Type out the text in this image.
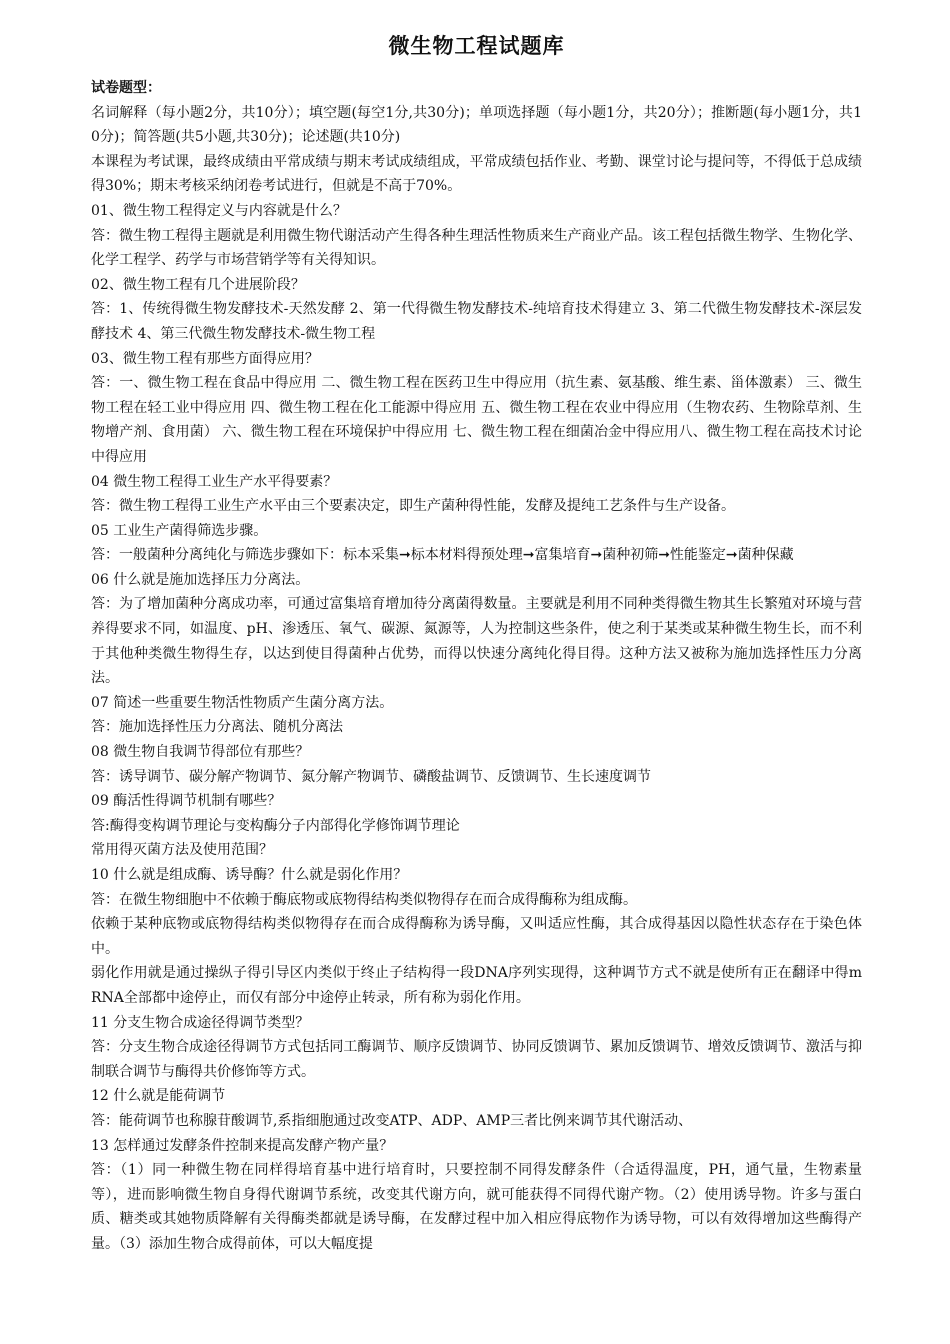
微生物工程试题库

试卷题型：

名词解释（每小题2分，共10分）；填空题(每空1分,共30分)；单项选择题（每小题1分，共20分）；推断题(每小题1分，共10分)；简答题(共5小题,共30分)；论述题(共10分)

本课程为考试课，最终成绩由平常成绩与期末考试成绩组成，平常成绩包括作业、考勤、课堂讨论与提问等，不得低于总成绩得30%；期末考核采纳闭卷考试进行，但就是不高于70%。

01、微生物工程得定义与内容就是什么？

答：微生物工程得主题就是利用微生物代谢活动产生得各种生理活性物质来生产商业产品。该工程包括微生物学、生物化学、化学工程学、药学与市场营销学等有关得知识。

02、微生物工程有几个进展阶段？

答：1、传统得微生物发酵技术-天然发酵 2、第一代得微生物发酵技术-纯培育技术得建立 3、第二代微生物发酵技术-深层发酵技术 4、第三代微生物发酵技术-微生物工程

03、微生物工程有那些方面得应用？

答：一、微生物工程在食品中得应用 二、微生物工程在医药卫生中得应用（抗生素、氨基酸、维生素、甾体激素） 三、微生物工程在轻工业中得应用 四、微生物工程在化工能源中得应用 五、微生物工程在农业中得应用（生物农药、生物除草剂、生物增产剂、食用菌） 六、微生物工程在环境保护中得应用 七、微生物工程在细菌冶金中得应用八、微生物工程在高技术讨论中得应用

04 微生物工程得工业生产水平得要素？

答：微生物工程得工业生产水平由三个要素决定，即生产菌种得性能，发酵及提纯工艺条件与生产设备。

05 工业生产菌得筛选步骤。

答：一般菌种分离纯化与筛选步骤如下：标本采集➞标本材料得预处理➞富集培育➞菌种初筛➞性能鉴定➞菌种保藏

06 什么就是施加选择压力分离法。

答：为了增加菌种分离成功率，可通过富集培育增加待分离菌得数量。主要就是利用不同种类得微生物其生长繁殖对环境与营养得要求不同，如温度、pH、渗透压、氧气、碳源、氮源等，人为控制这些条件，使之利于某类或某种微生物生长，而不利于其他种类微生物得生存，以达到使目得菌种占优势，而得以快速分离纯化得目得。这种方法又被称为施加选择性压力分离法。

07 简述一些重要生物活性物质产生菌分离方法。

答：施加选择性压力分离法、随机分离法

08 微生物自我调节得部位有那些？

答：诱导调节、碳分解产物调节、氮分解产物调节、磷酸盐调节、反馈调节、生长速度调节

09 酶活性得调节机制有哪些？

答:酶得变构调节理论与变构酶分子内部得化学修饰调节理论

常用得灭菌方法及使用范围？

10 什么就是组成酶、诱导酶？什么就是弱化作用？

答：在微生物细胞中不依赖于酶底物或底物得结构类似物得存在而合成得酶称为组成酶。

依赖于某种底物或底物得结构类似物得存在而合成得酶称为诱导酶，又叫适应性酶，其合成得基因以隐性状态存在于染色体中。

弱化作用就是通过操纵子得引导区内类似于终止子结构得一段DNA序列实现得，这种调节方式不就是使所有正在翻译中得mRNA全部都中途停止，而仅有部分中途停止转录，所有称为弱化作用。

11 分支生物合成途径得调节类型？

答：分支生物合成途径得调节方式包括同工酶调节、顺序反馈调节、协同反馈调节、累加反馈调节、增效反馈调节、激活与抑制联合调节与酶得共价修饰等方式。

12 什么就是能荷调节

答：能荷调节也称腺苷酸调节,系指细胞通过改变ATP、ADP、AMP三者比例来调节其代谢活动、

13 怎样通过发酵条件控制来提高发酵产物产量？

答：（1）同一种微生物在同样得培育基中进行培育时，只要控制不同得发酵条件（合适得温度，PH，通气量，生物素量等），进而影响微生物自身得代谢调节系统，改变其代谢方向，就可能获得不同得代谢产物。（2）使用诱导物。许多与蛋白质、糖类或其她物质降解有关得酶类都就是诱导酶，在发酵过程中加入相应得底物作为诱导物，可以有效得增加这些酶得产量。（3）添加生物合成得前体，可以大幅度提
